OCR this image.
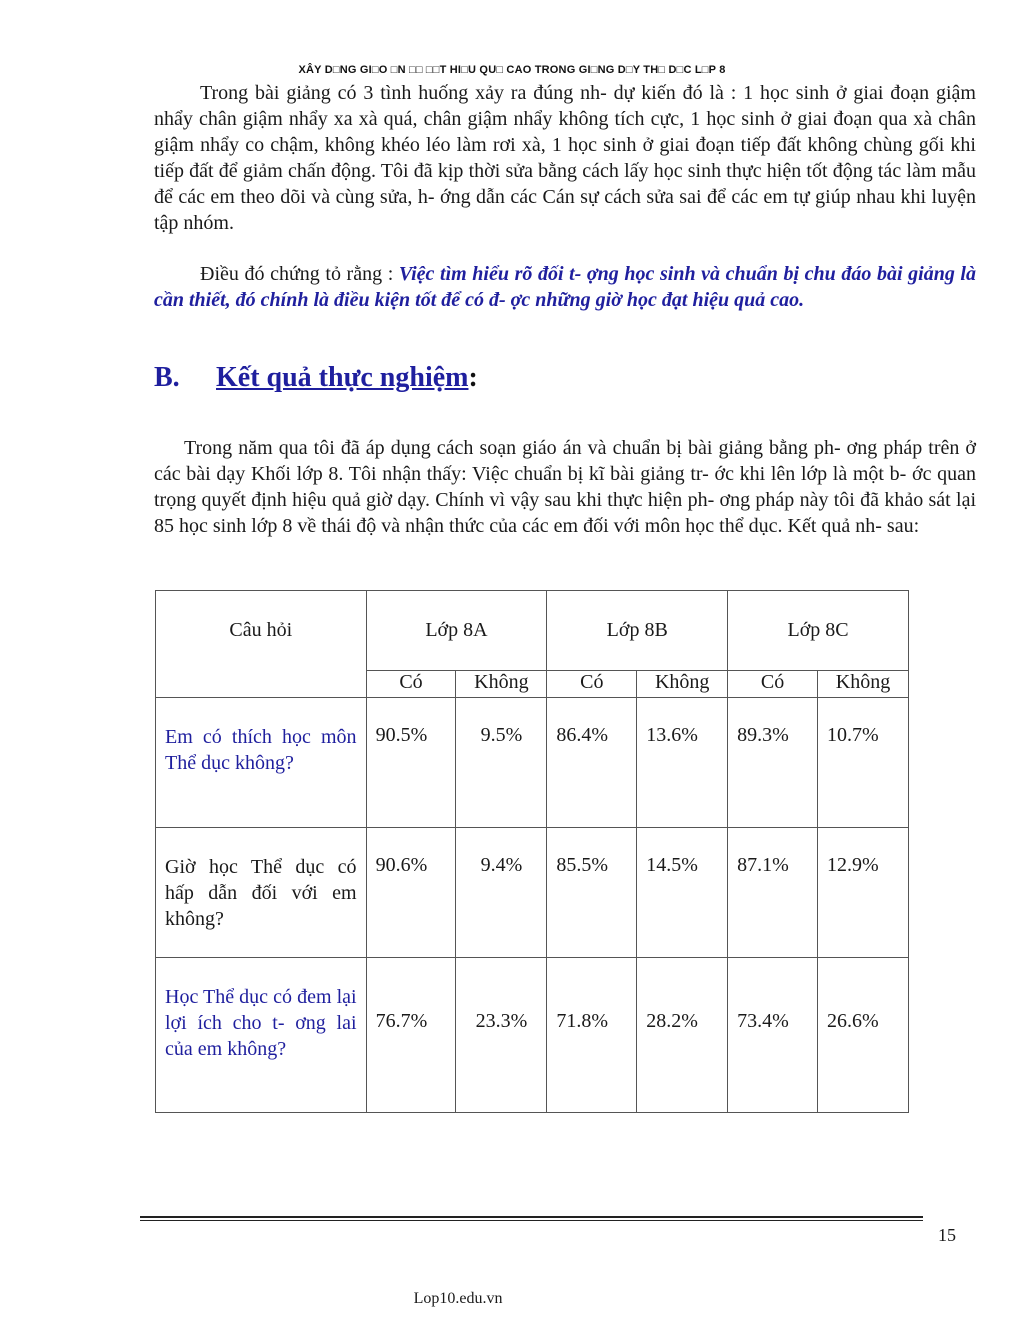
XÂY D□NG GI□O □N □□ □□T HI□U QU□ CAO TRONG GI□NG D□Y TH□ D□C L□P 8

Trong bài giảng có 3 tình huống xảy ra đúng nh- dự kiến đó là : 1 học sinh ở giai đoạn giậm nhẩy chân giậm nhẩy xa xà quá, chân giậm nhẩy không tích cực, 1 học sinh ở giai đoạn qua xà chân giậm nhẩy co chậm, không khéo léo làm rơi xà, 1 học sinh ở giai đoạn tiếp đất không chùng gối khi tiếp đất để giảm chấn động. Tôi đã kịp thời sửa bằng cách lấy học sinh thực hiện tốt động tác làm mẫu để các em theo dõi và cùng sửa, h- ớng dẫn các Cán sự cách sửa sai để các em tự giúp nhau khi luyện tập nhóm.

Điều đó chứng tỏ rằng : Việc tìm hiểu rõ đối t- ợng học sinh và chuẩn bị chu đáo bài giảng là cần thiết, đó chính là điều kiện tốt để có đ- ợc những giờ học đạt hiệu quả cao.

B. Kết quả thực nghiệm:

Trong năm qua tôi đã áp dụng cách soạn giáo án và chuẩn bị bài giảng bằng ph- ơng pháp trên ở các bài dạy Khối lớp 8. Tôi nhận thấy: Việc chuẩn bị kĩ bài giảng tr- ớc khi lên lớp là một b- ớc quan trọng quyết định hiệu quả giờ dạy. Chính vì vậy sau khi thực hiện ph- ơng pháp này tôi đã khảo sát lại 85 học sinh lớp 8 về thái độ và nhận thức của các em đối với môn học thể dục. Kết quả nh- sau:

Câu hỏi	Lớp 8A		Lớp 8B		Lớp 8C	
	Có	Không	Có	Không	Có	Không
Em có thích học môn Thể dục không?	90.5%	9.5%	86.4%	13.6%	89.3%	10.7%
Giờ học Thể dục có hấp dẫn đối với em không?	90.6%	9.4%	85.5%	14.5%	87.1%	12.9%
Học Thể dục có đem lại lợi ích cho t- ơng lai của em không?	76.7%	23.3%	71.8%	28.2%	73.4%	26.6%
15
Lop10.edu.vn
